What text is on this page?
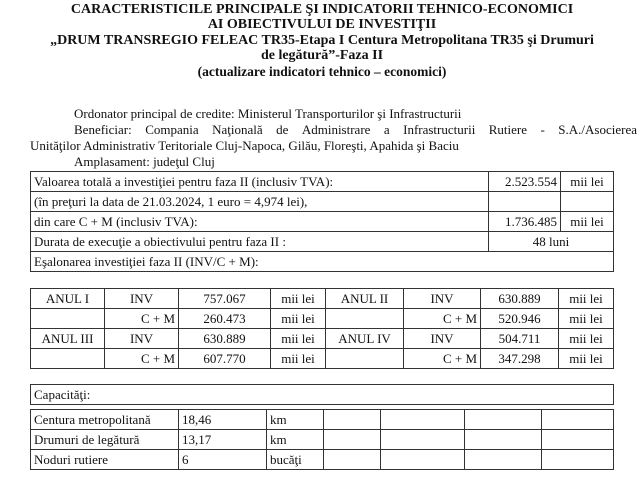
CARACTERISTICILE PRINCIPALE ŞI INDICATORII TEHNICO-ECONOMICI
AI OBIECTIVULUI DE INVESTIŢII
„DRUM TRANSREGIO FELEAC TR35-Etapa I Centura Metropolitana TR35 şi Drumuri
de legătură”-Faza II
(actualizare indicatori tehnico – economici)
Ordonator principal de credite: Ministerul Transporturilor şi Infrastructurii
Beneficiar: Compania Naţională de Administrare a Infrastructurii Rutiere - S.A./Asocierea
Unităţilor Administrativ Teritoriale Cluj-Napoca, Gilău, Floreşti, Apahida şi Baciu
Amplasament: judeţul Cluj
Valoarea totală a investiţiei pentru faza II (inclusiv TVA):	2.523.554	mii lei
(în preţuri la data de 21.03.2024, 1 euro = 4,974 lei),		
din care C + M (inclusiv TVA):	1.736.485	mii lei
Durata de execuţie a obiectivului pentru faza II :	48 luni	
Eşalonarea investiţiei faza II (INV/C + M):		
ANUL I	INV	757.067	mii lei	ANUL II	INV	630.889	mii lei
	C + M	260.473	mii lei		C + M	520.946	mii lei
ANUL III	INV	630.889	mii lei	ANUL IV	INV	504.711	mii lei
	C + M	607.770	mii lei		C + M	347.298	mii lei
Capacităţi:						

Centura metropolitană	18,46	km				
Drumuri de legătură	13,17	km				
Noduri rutiere	6	bucăţi				
